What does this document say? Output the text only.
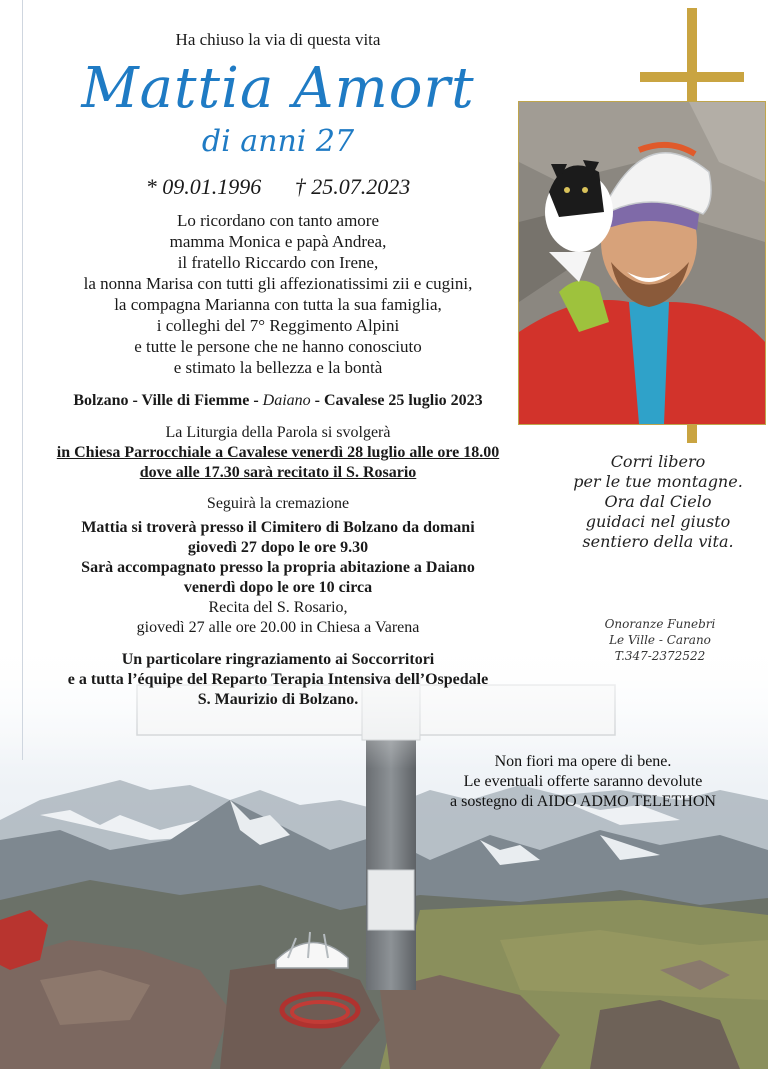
Ha chiuso la via di questa vita
Mattia Amort
di anni 27
* 09.01.1996 † 25.07.2023
Lo ricordano con tanto amore
mamma Monica e papà Andrea,
il fratello Riccardo con Irene,
la nonna Marisa con tutti gli affezionatissimi zii e cugini,
la compagna Marianna con tutta la sua famiglia,
i colleghi del 7° Reggimento Alpini
e tutte le persone che ne hanno conosciuto
e stimato la bellezza e la bontà
Bolzano - Ville di Fiemme - Daiano - Cavalese 25 luglio 2023
La Liturgia della Parola si svolgerà
in Chiesa Parrocchiale a Cavalese venerdì 28 luglio alle ore 18.00
dove alle 17.30 sarà recitato il S. Rosario
Seguirà la cremazione
Mattia si troverà presso il Cimitero di Bolzano da domani
giovedì 27 dopo le ore 9.30
Sarà accompagnato presso la propria abitazione a Daiano
venerdì dopo le ore 10 circa
Recita del S. Rosario,
giovedì 27 alle ore 20.00 in Chiesa a Varena
Un particolare ringraziamento ai Soccorritori
e a tutta l’équipe del Reparto Terapia Intensiva dell’Ospedale
S. Maurizio di Bolzano.
Corri libero
per le tue montagne.
Ora dal Cielo
guidaci nel giusto
sentiero della vita.
Onoranze Funebri
Le Ville - Carano
T.347-2372522
Non fiori ma opere di bene.
Le eventuali offerte saranno devolute
a sostegno di AIDO ADMO TELETHON
